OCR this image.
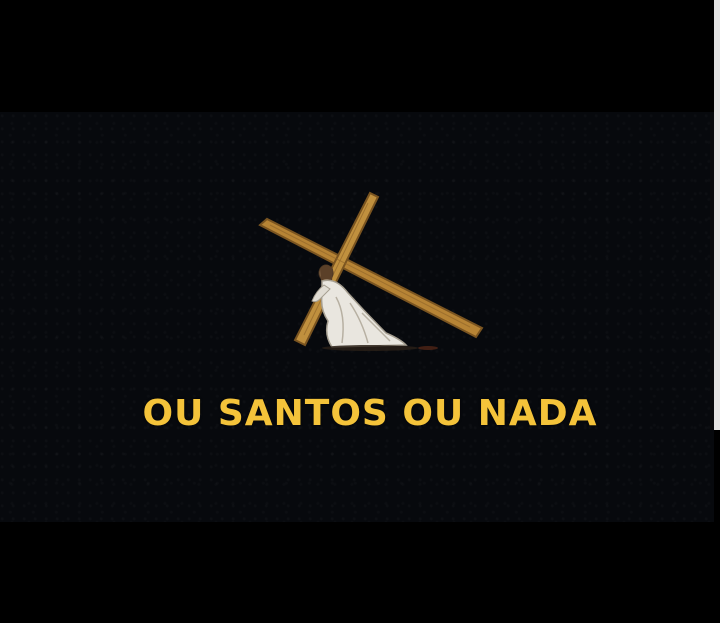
OU SANTOS OU NADA
